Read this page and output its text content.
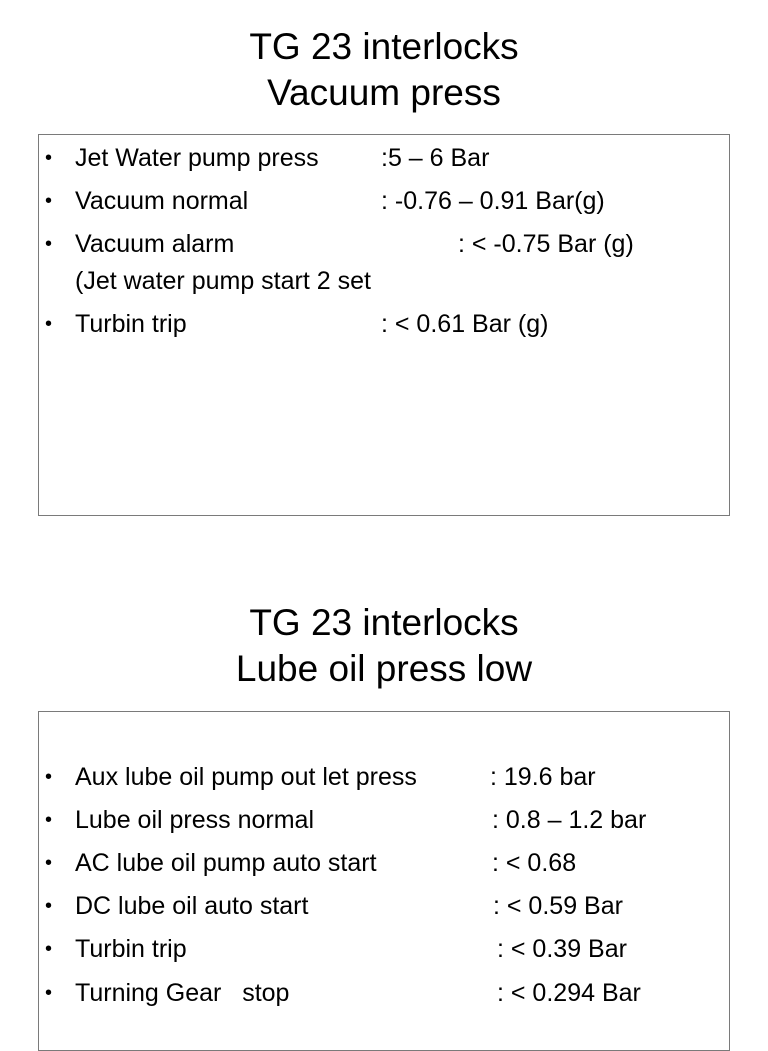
TG 23 interlocks
Vacuum press
• Jet Water pump press :5 – 6 Bar
• Vacuum normal	: -0.76 – 0.91 Bar(g)
• Vacuum alarm	: < -0.75 Bar (g)
(Jet water pump start 2 set
• Turbin trip	: < 0.61 Bar (g)
TG 23 interlocks
Lube oil press low
• Aux lube oil pump out let press	: 19.6 bar
• Lube oil press normal	: 0.8 – 1.2 bar
• AC lube oil pump auto start	: < 0.68
• DC lube oil auto start	: < 0.59 Bar
• Turbin trip	: < 0.39 Bar
• Turning Gear   stop	: < 0.294 Bar
